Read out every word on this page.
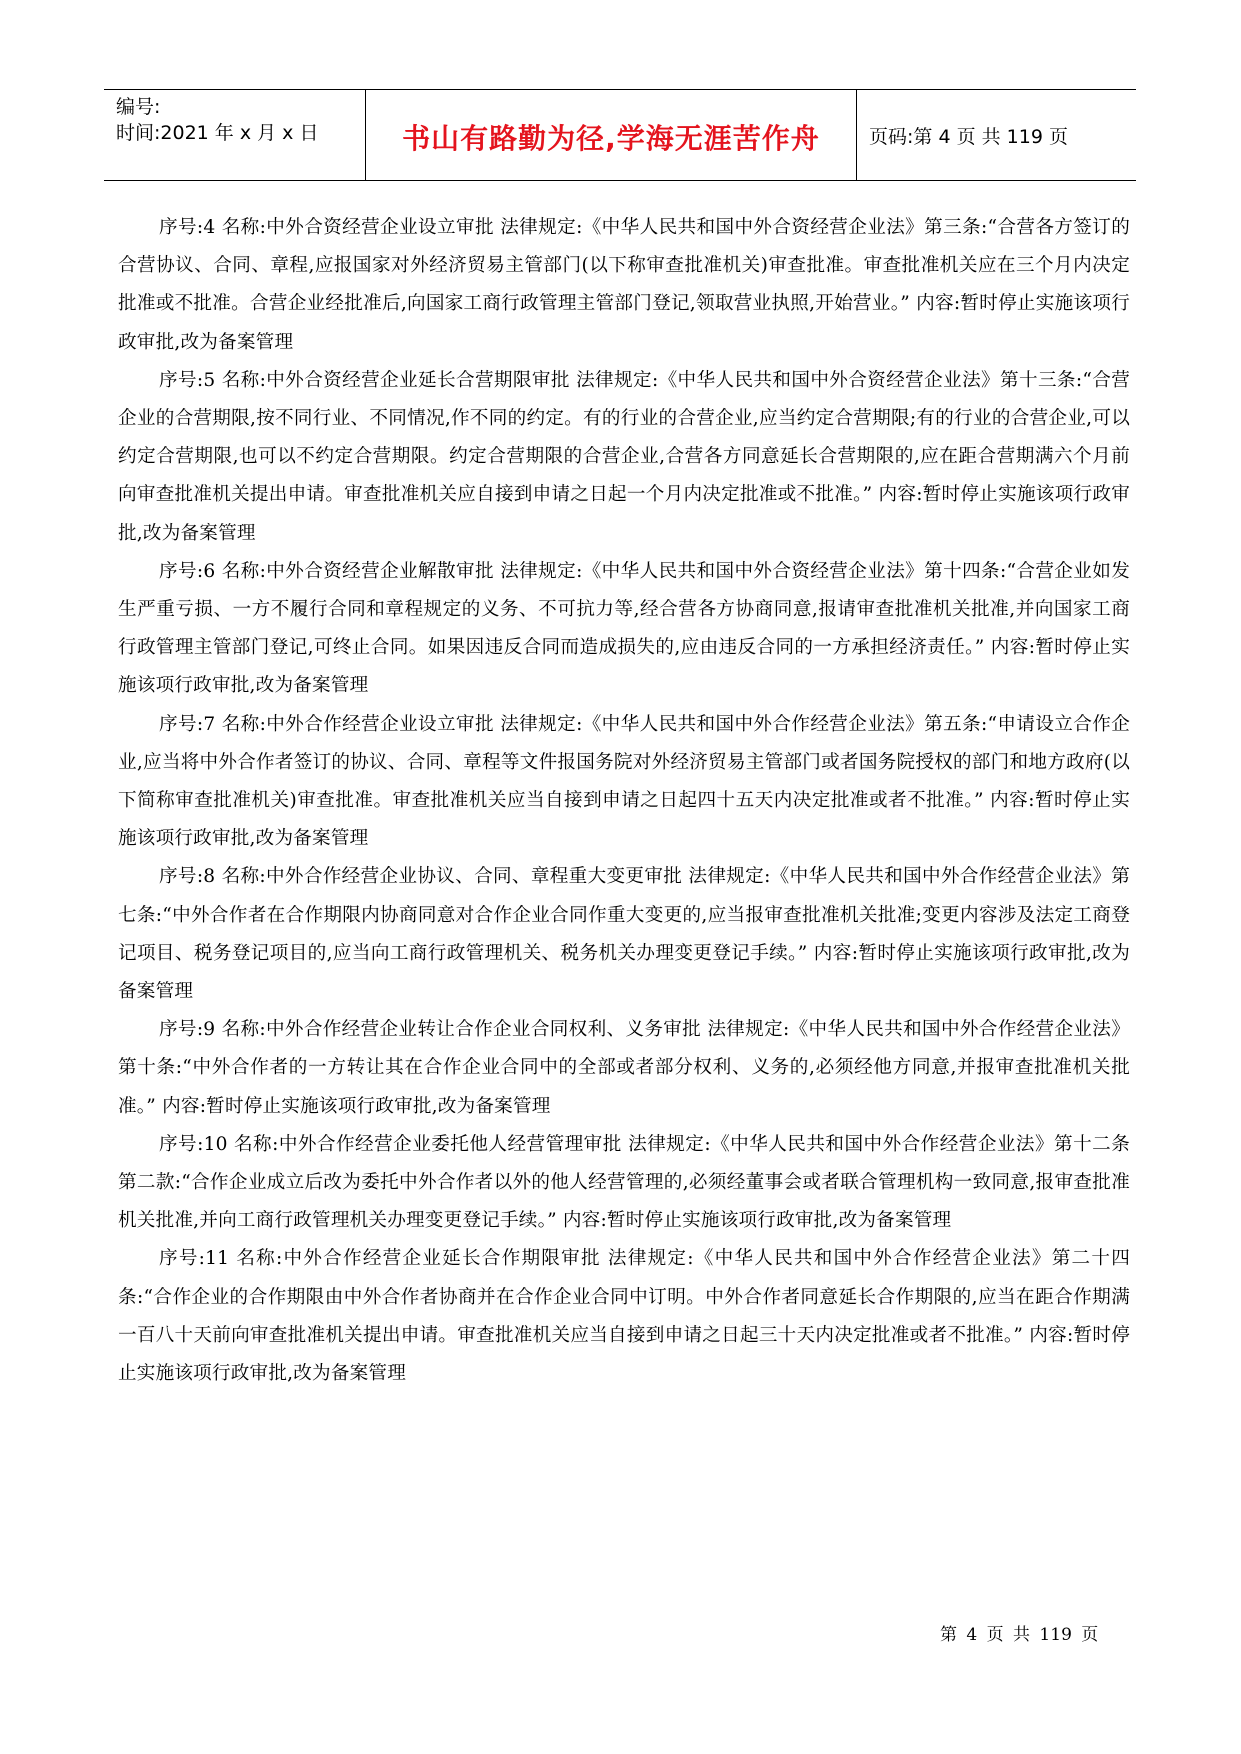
编号:
时间:2021 年 x 月 x 日	书山有路勤为径,学海无涯苦作舟	页码:第 4 页 共 119 页

序号:4 名称:中外合资经营企业设立审批 法律规定:《中华人民共和国中外合资经营企业法》第三条:“合营各方签订的合营协议、合同、章程,应报国家对外经济贸易主管部门(以下称审查批准机关)审查批准。审查批准机关应在三个月内决定批准或不批准。合营企业经批准后,向国家工商行政管理主管部门登记,领取营业执照,开始营业。” 内容:暂时停止实施该项行政审批,改为备案管理

序号:5 名称:中外合资经营企业延长合营期限审批 法律规定:《中华人民共和国中外合资经营企业法》第十三条:“合营企业的合营期限,按不同行业、不同情况,作不同的约定。有的行业的合营企业,应当约定合营期限;有的行业的合营企业,可以约定合营期限,也可以不约定合营期限。约定合营期限的合营企业,合营各方同意延长合营期限的,应在距合营期满六个月前向审查批准机关提出申请。审查批准机关应自接到申请之日起一个月内决定批准或不批准。” 内容:暂时停止实施该项行政审批,改为备案管理

序号:6 名称:中外合资经营企业解散审批 法律规定:《中华人民共和国中外合资经营企业法》第十四条:“合营企业如发生严重亏损、一方不履行合同和章程规定的义务、不可抗力等,经合营各方协商同意,报请审查批准机关批准,并向国家工商行政管理主管部门登记,可终止合同。如果因违反合同而造成损失的,应由违反合同的一方承担经济责任。” 内容:暂时停止实施该项行政审批,改为备案管理

序号:7 名称:中外合作经营企业设立审批 法律规定:《中华人民共和国中外合作经营企业法》第五条:“申请设立合作企业,应当将中外合作者签订的协议、合同、章程等文件报国务院对外经济贸易主管部门或者国务院授权的部门和地方政府(以下简称审查批准机关)审查批准。审查批准机关应当自接到申请之日起四十五天内决定批准或者不批准。” 内容:暂时停止实施该项行政审批,改为备案管理

序号:8 名称:中外合作经营企业协议、合同、章程重大变更审批 法律规定:《中华人民共和国中外合作经营企业法》第七条:“中外合作者在合作期限内协商同意对合作企业合同作重大变更的,应当报审查批准机关批准;变更内容涉及法定工商登记项目、税务登记项目的,应当向工商行政管理机关、税务机关办理变更登记手续。” 内容:暂时停止实施该项行政审批,改为备案管理

序号:9 名称:中外合作经营企业转让合作企业合同权利、义务审批 法律规定:《中华人民共和国中外合作经营企业法》第十条:“中外合作者的一方转让其在合作企业合同中的全部或者部分权利、义务的,必须经他方同意,并报审查批准机关批准。” 内容:暂时停止实施该项行政审批,改为备案管理

序号:10 名称:中外合作经营企业委托他人经营管理审批 法律规定:《中华人民共和国中外合作经营企业法》第十二条第二款:“合作企业成立后改为委托中外合作者以外的他人经营管理的,必须经董事会或者联合管理机构一致同意,报审查批准机关批准,并向工商行政管理机关办理变更登记手续。” 内容:暂时停止实施该项行政审批,改为备案管理

序号:11 名称:中外合作经营企业延长合作期限审批 法律规定:《中华人民共和国中外合作经营企业法》第二十四条:“合作企业的合作期限由中外合作者协商并在合作企业合同中订明。中外合作者同意延长合作期限的,应当在距合作期满一百八十天前向审查批准机关提出申请。审查批准机关应当自接到申请之日起三十天内决定批准或者不批准。” 内容:暂时停止实施该项行政审批,改为备案管理

第 4 页 共 119 页
